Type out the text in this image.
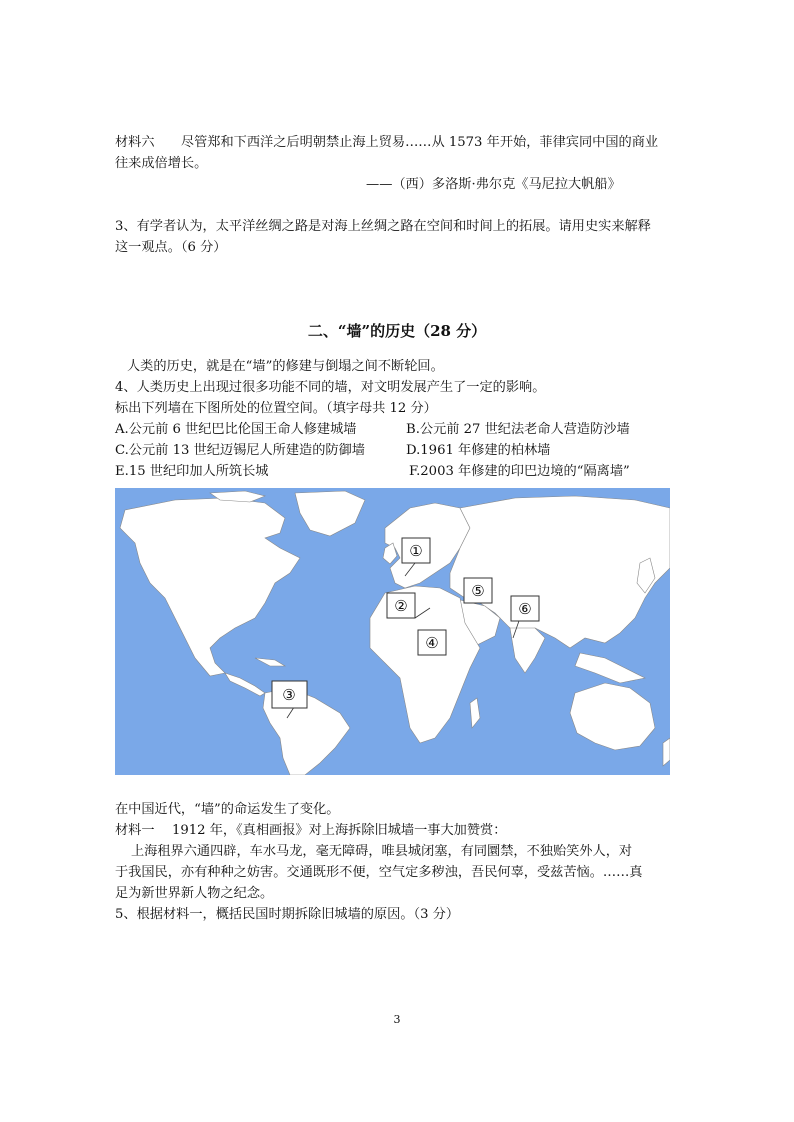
材料六　　尽管郑和下西洋之后明朝禁止海上贸易……从 1573 年开始，菲律宾同中国的商业
往来成倍增长。
——（西）多洛斯·弗尔克《马尼拉大帆船》
3、有学者认为，太平洋丝绸之路是对海上丝绸之路在空间和时间上的拓展。请用史实来解释
这一观点。（6 分）
二、“墙”的历史（28 分）
人类的历史，就是在“墙”的修建与倒塌之间不断轮回。
4、人类历史上出现过很多功能不同的墙，对文明发展产生了一定的影响。
标出下列墙在下图所处的位置空间。（填字母共 12 分）
A.公元前 6 世纪巴比伦国王命人修建城墙	B.公元前 27 世纪法老命人营造防沙墙
C.公元前 13 世纪迈锡尼人所建造的防御墙	D.1961 年修建的柏林墙
E.15 世纪印加人所筑长城	F.2003 年修建的印巴边境的“隔离墙”
①
②
③
④
⑤
⑥
在中国近代，“墙”的命运发生了变化。
材料一　 1912 年，《真相画报》对上海拆除旧城墙一事大加赞赏：
上海租界六通四辟，车水马龙，毫无障碍，唯县城闭塞，有同圜禁，不独贻笑外人，对
于我国民，亦有种种之妨害。交通既形不便，空气定多秽浊，吾民何辜，受兹苦恼。……真
足为新世界新人物之纪念。
5、根据材料一，概括民国时期拆除旧城墙的原因。（3 分）
3
